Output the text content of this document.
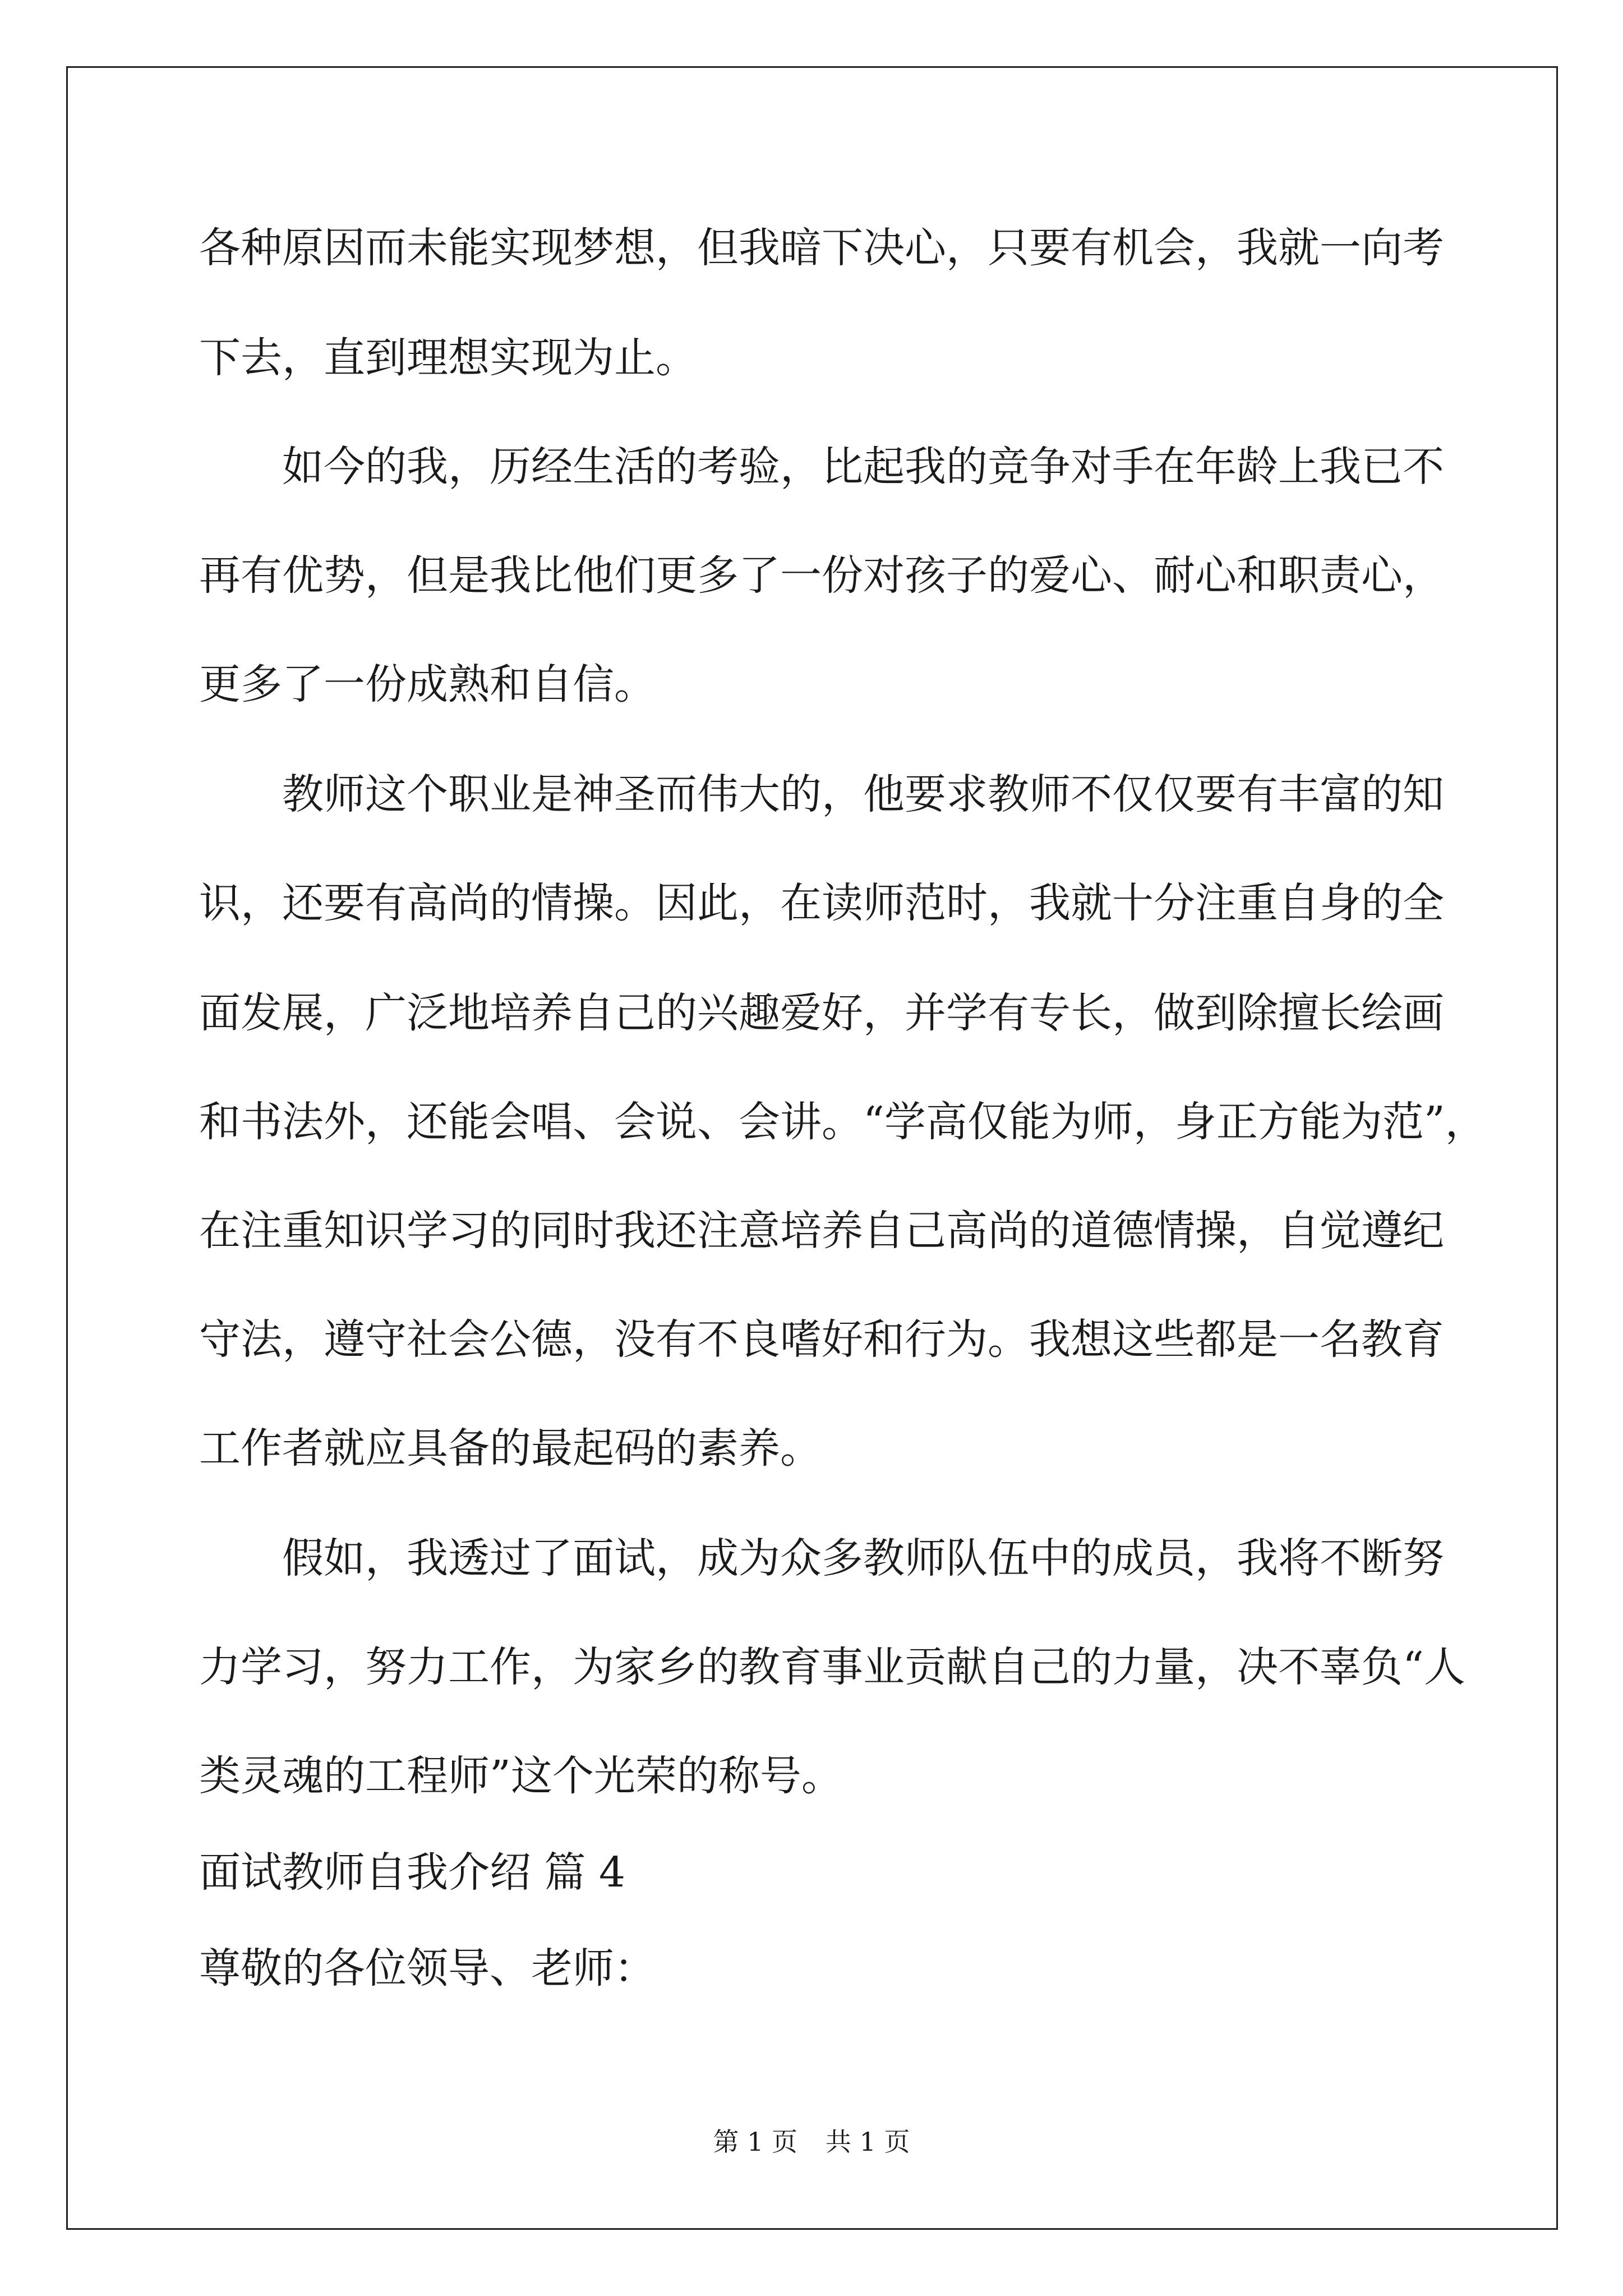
各种原因而未能实现梦想，但我暗下决心，只要有机会，我就一向考
下去，直到理想实现为止。
　　如今的我，历经生活的考验，比起我的竞争对手在年龄上我已不
再有优势，但是我比他们更多了一份对孩子的爱心、耐心和职责心，
更多了一份成熟和自信。
　　教师这个职业是神圣而伟大的，他要求教师不仅仅要有丰富的知
识，还要有高尚的情操。因此，在读师范时，我就十分注重自身的全
面发展，广泛地培养自己的兴趣爱好，并学有专长，做到除擅长绘画
和书法外，还能会唱、会说、会讲。“学高仅能为师，身正方能为范”，
在注重知识学习的同时我还注意培养自己高尚的道德情操，自觉遵纪
守法，遵守社会公德，没有不良嗜好和行为。我想这些都是一名教育
工作者就应具备的最起码的素养。
　　假如，我透过了面试，成为众多教师队伍中的成员，我将不断努
力学习，努力工作，为家乡的教育事业贡献自己的力量，决不辜负“人
类灵魂的工程师”这个光荣的称号。
面试教师自我介绍 篇 4
尊敬的各位领导、老师：
第 1 页 共 1 页
